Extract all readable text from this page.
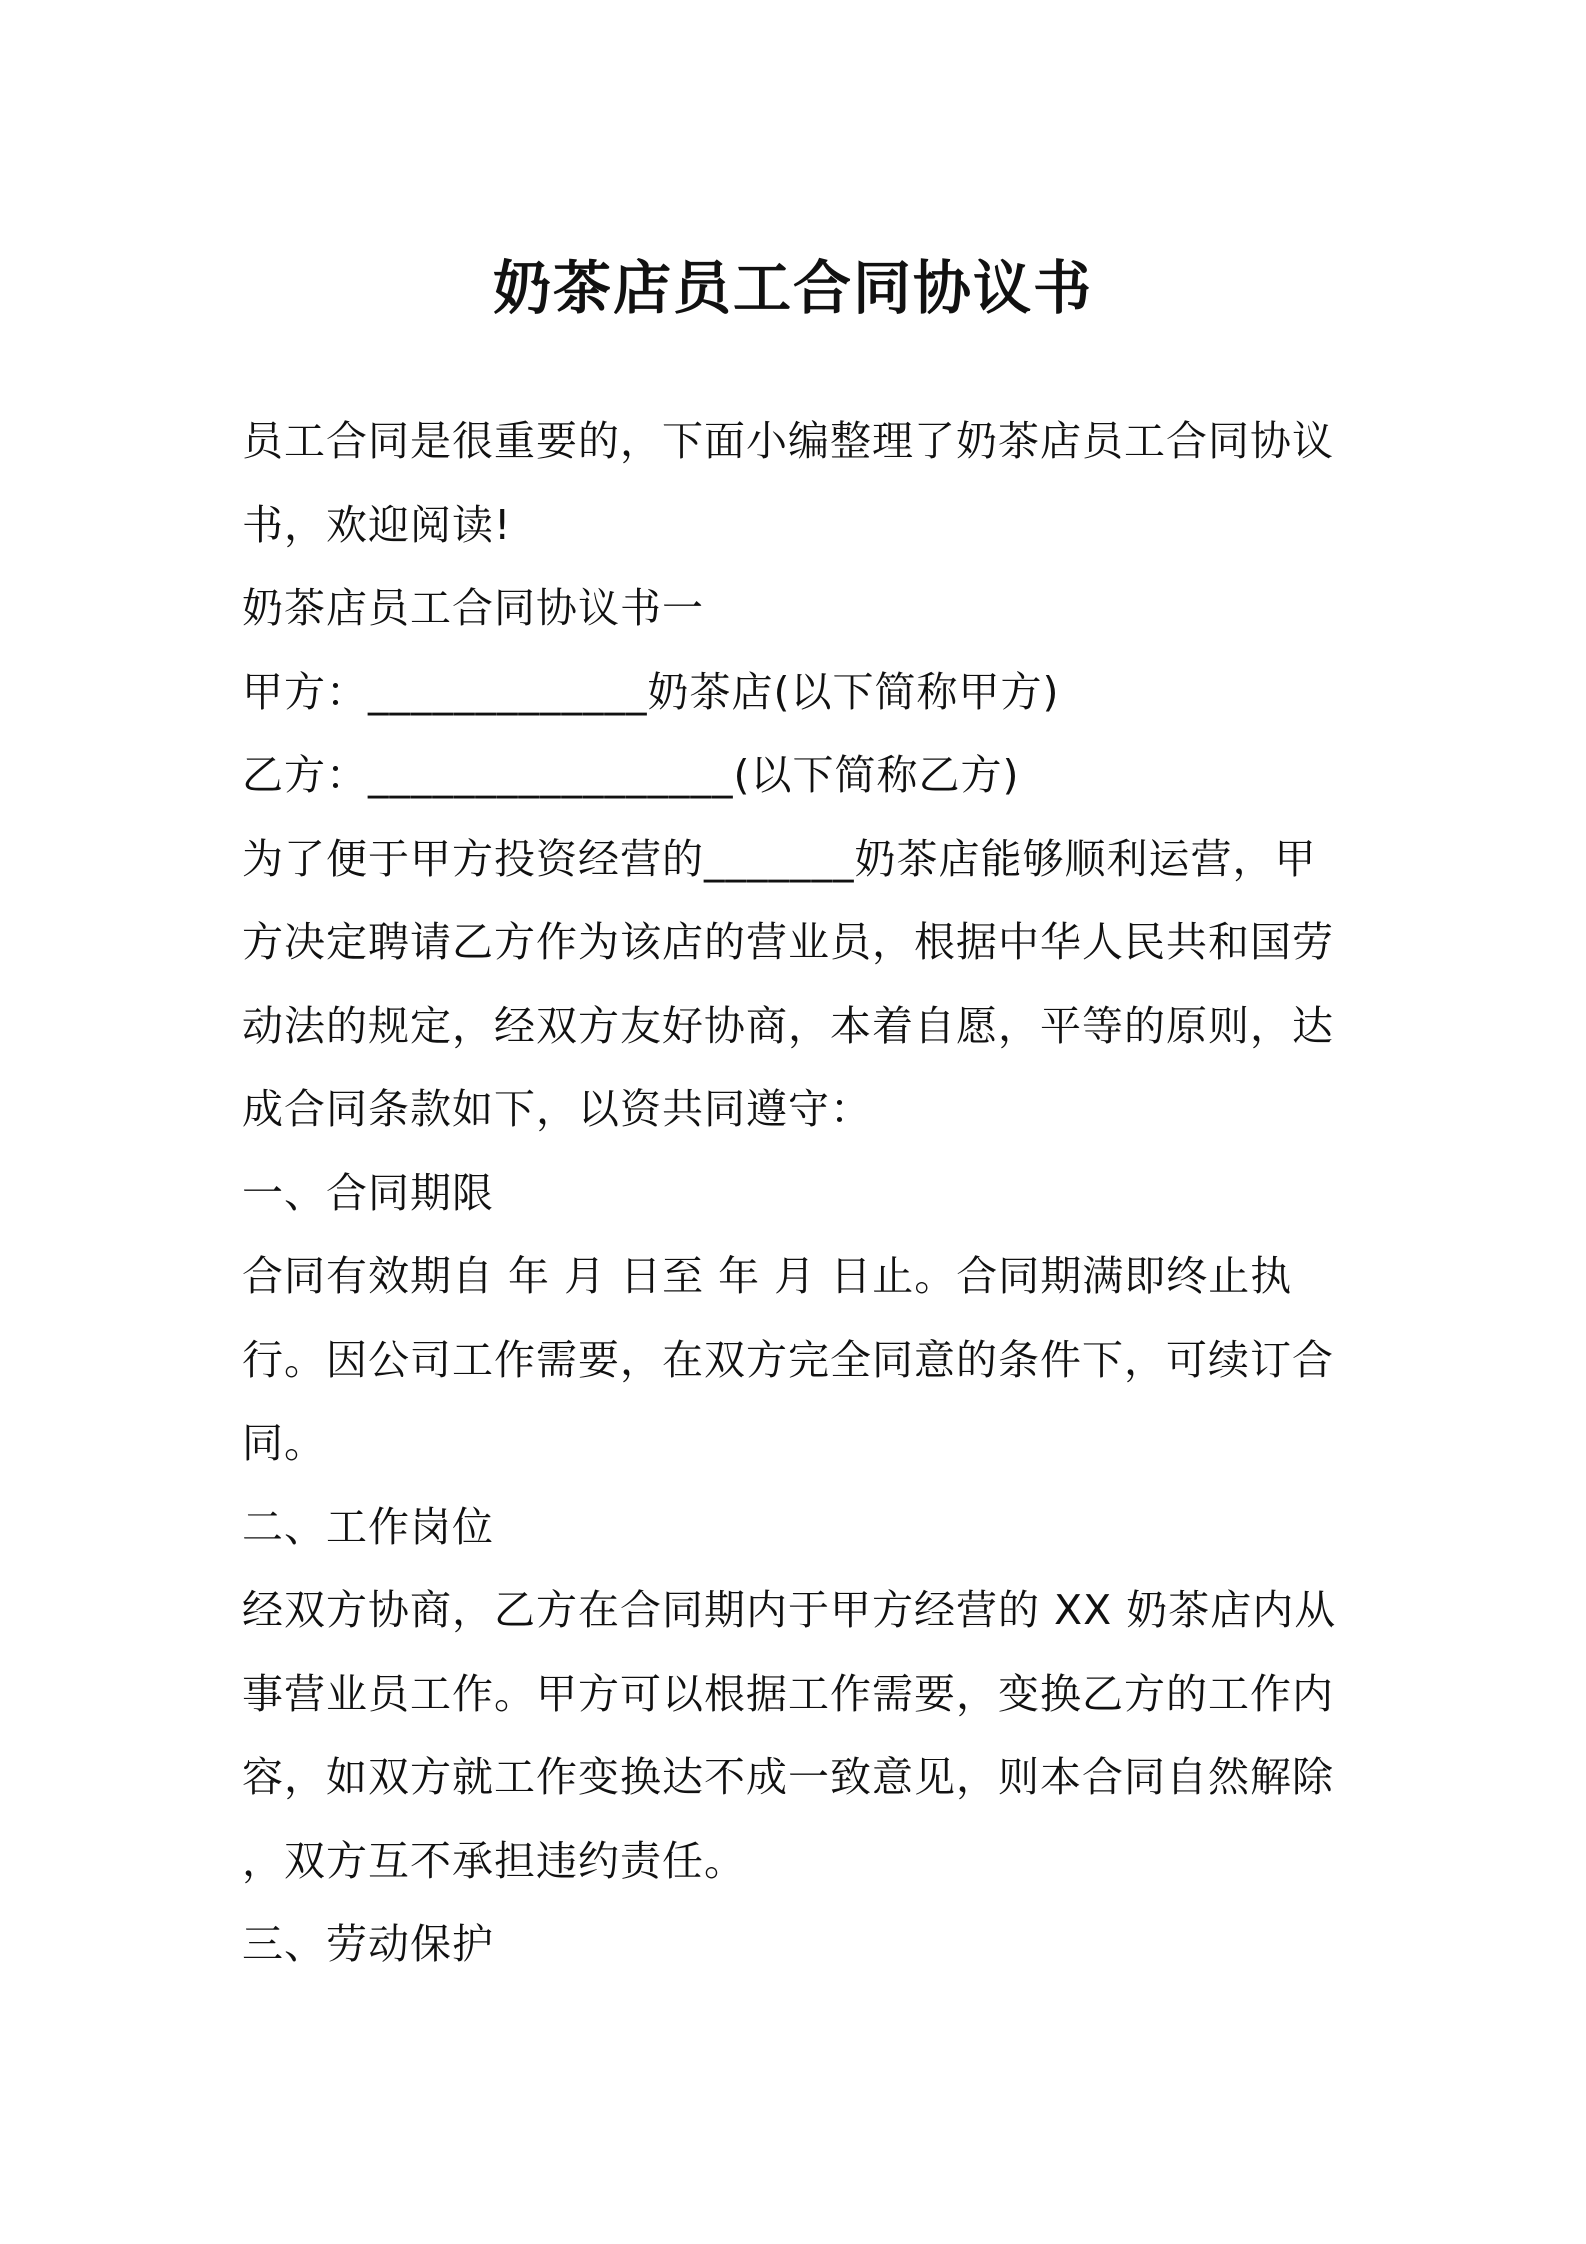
奶茶店员工合同协议书
员工合同是很重要的，下面小编整理了奶茶店员工合同协议
书，欢迎阅读!
奶茶店员工合同协议书一
甲方：_____________奶茶店(以下简称甲方)
乙方：_________________(以下简称乙方)
为了便于甲方投资经营的_______奶茶店能够顺利运营，甲
方决定聘请乙方作为该店的营业员，根据中华人民共和国劳
动法的规定，经双方友好协商，本着自愿，平等的原则，达
成合同条款如下，以资共同遵守：
一、合同期限
合同有效期自 年 月 日至 年 月 日止。合同期满即终止执
行。因公司工作需要，在双方完全同意的条件下，可续订合
同。
二、工作岗位
经双方协商，乙方在合同期内于甲方经营的 XX 奶茶店内从
事营业员工作。甲方可以根据工作需要，变换乙方的工作内
容，如双方就工作变换达不成一致意见，则本合同自然解除
，双方互不承担违约责任。
三、劳动保护
